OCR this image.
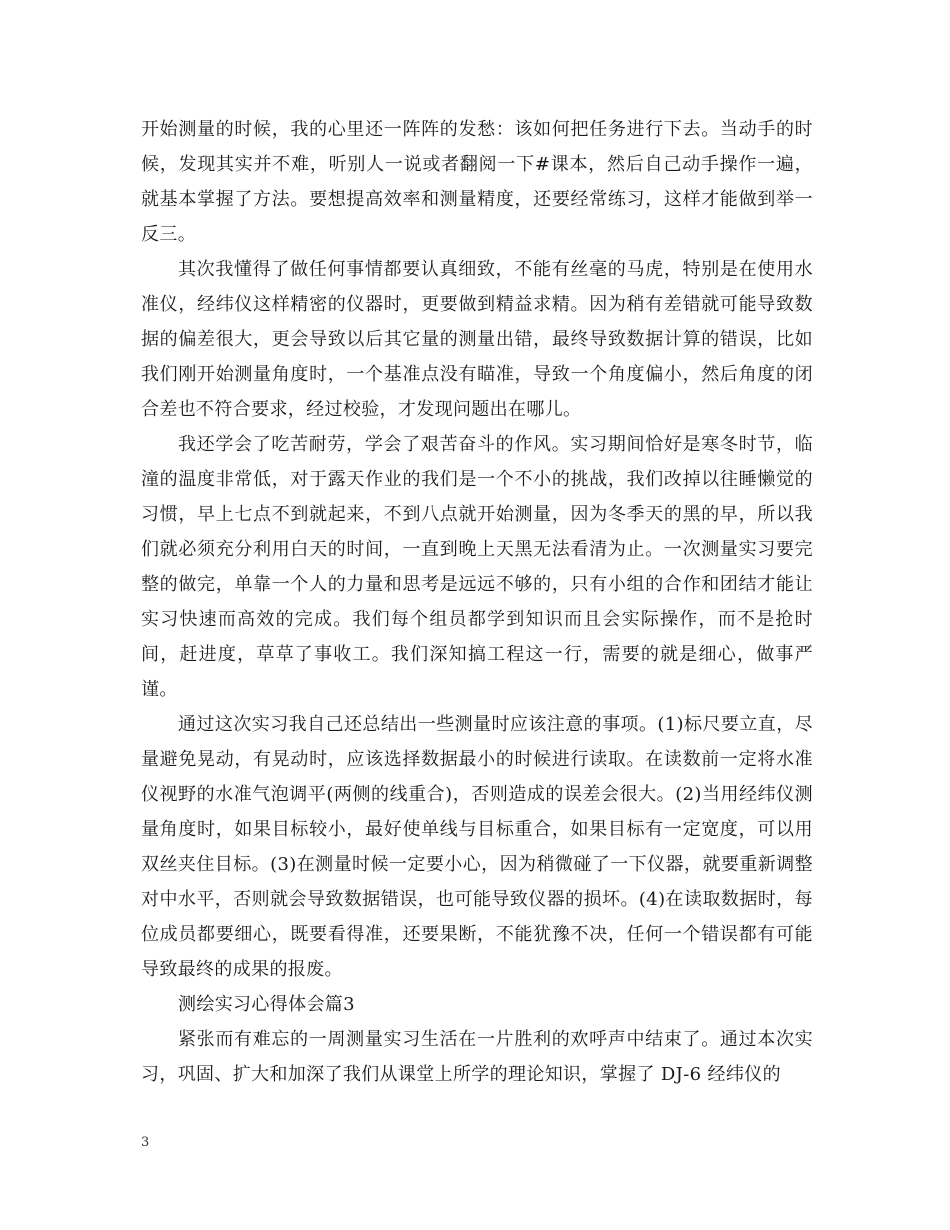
开始测量的时候，我的心里还一阵阵的发愁：该如何把任务进行下去。当动手的时候，发现其实并不难，听别人一说或者翻阅一下#课本，然后自己动手操作一遍，就基本掌握了方法。要想提高效率和测量精度，还要经常练习，这样才能做到举一反三。

其次我懂得了做任何事情都要认真细致，不能有丝毫的马虎，特别是在使用水准仪，经纬仪这样精密的仪器时，更要做到精益求精。因为稍有差错就可能导致数据的偏差很大，更会导致以后其它量的测量出错，最终导致数据计算的错误，比如我们刚开始测量角度时，一个基准点没有瞄准，导致一个角度偏小，然后角度的闭合差也不符合要求，经过校验，才发现问题出在哪儿。

我还学会了吃苦耐劳，学会了艰苦奋斗的作风。实习期间恰好是寒冬时节，临潼的温度非常低，对于露天作业的我们是一个不小的挑战，我们改掉以往睡懒觉的习惯，早上七点不到就起来，不到八点就开始测量，因为冬季天的黑的早，所以我们就必须充分利用白天的时间，一直到晚上天黑无法看清为止。一次测量实习要完整的做完，单靠一个人的力量和思考是远远不够的，只有小组的合作和团结才能让实习快速而高效的完成。我们每个组员都学到知识而且会实际操作，而不是抢时间，赶进度，草草了事收工。我们深知搞工程这一行，需要的就是细心，做事严谨。

通过这次实习我自己还总结出一些测量时应该注意的事项。(1)标尺要立直，尽量避免晃动，有晃动时，应该选择数据最小的时候进行读取。在读数前一定将水准仪视野的水准气泡调平(两侧的线重合)，否则造成的误差会很大。(2)当用经纬仪测量角度时，如果目标较小，最好使单线与目标重合，如果目标有一定宽度，可以用双丝夹住目标。(3)在测量时候一定要小心，因为稍微碰了一下仪器，就要重新调整对中水平，否则就会导致数据错误，也可能导致仪器的损坏。(4)在读取数据时，每位成员都要细心，既要看得准，还要果断，不能犹豫不决，任何一个错误都有可能导致最终的成果的报废。

测绘实习心得体会篇3

紧张而有难忘的一周测量实习生活在一片胜利的欢呼声中结束了。通过本次实习，巩固、扩大和加深了我们从课堂上所学的理论知识，掌握了 DJ-6 经纬仪的

3
